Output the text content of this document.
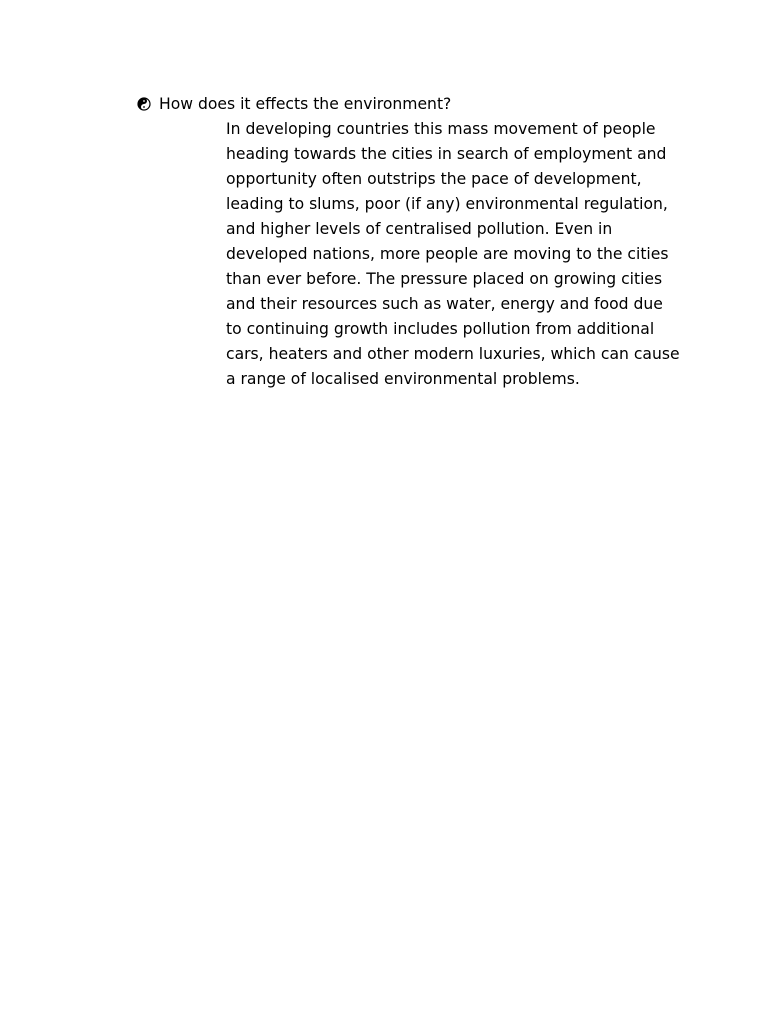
How does it effects the environment?
In developing countries this mass movement of people
heading towards the cities in search of employment and
opportunity often outstrips the pace of development,
leading to slums, poor (if any) environmental regulation,
and higher levels of centralised pollution. Even in
developed nations, more people are moving to the cities
than ever before. The pressure placed on growing cities
and their resources such as water, energy and food due
to continuing growth includes pollution from additional
cars, heaters and other modern luxuries, which can cause
a range of localised environmental problems.
